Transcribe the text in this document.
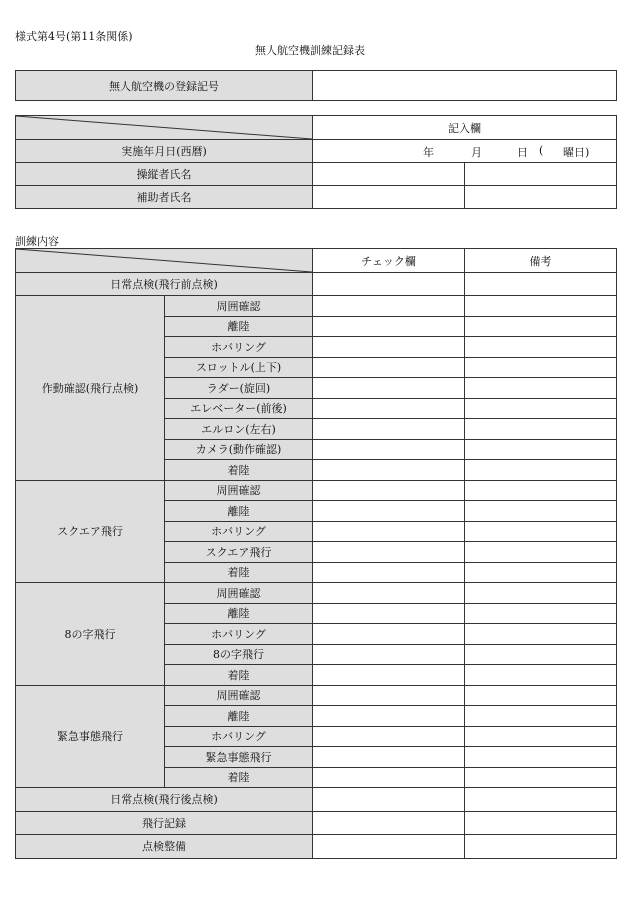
様式第4号(第11条関係)
無人航空機訓練記録表
無人航空機の登録記号	
	記入欄	
実施年月日(西暦)	年 月 日 ( 曜日)	

操縦者氏名		
補助者氏名		
訓練内容
	チェック欄	備考
日常点検(飛行前点検)			
作動確認(飛行点検)	周囲確認		
	離陸		
	ホバリング		
	スロットル(上下)		
	ラダー(旋回)		
	エレベーター(前後)		
	エルロン(左右)		
	カメラ(動作確認)		
	着陸		
スクエア飛行	周囲確認		
	離陸		
	ホバリング		
	スクエア飛行		
	着陸		
8の字飛行	周囲確認		
	離陸		
	ホバリング		
	8の字飛行		
	着陸		
緊急事態飛行	周囲確認		
	離陸		
	ホバリング		
	緊急事態飛行		
	着陸		
日常点検(飛行後点検)			
飛行記録			
点検整備			
